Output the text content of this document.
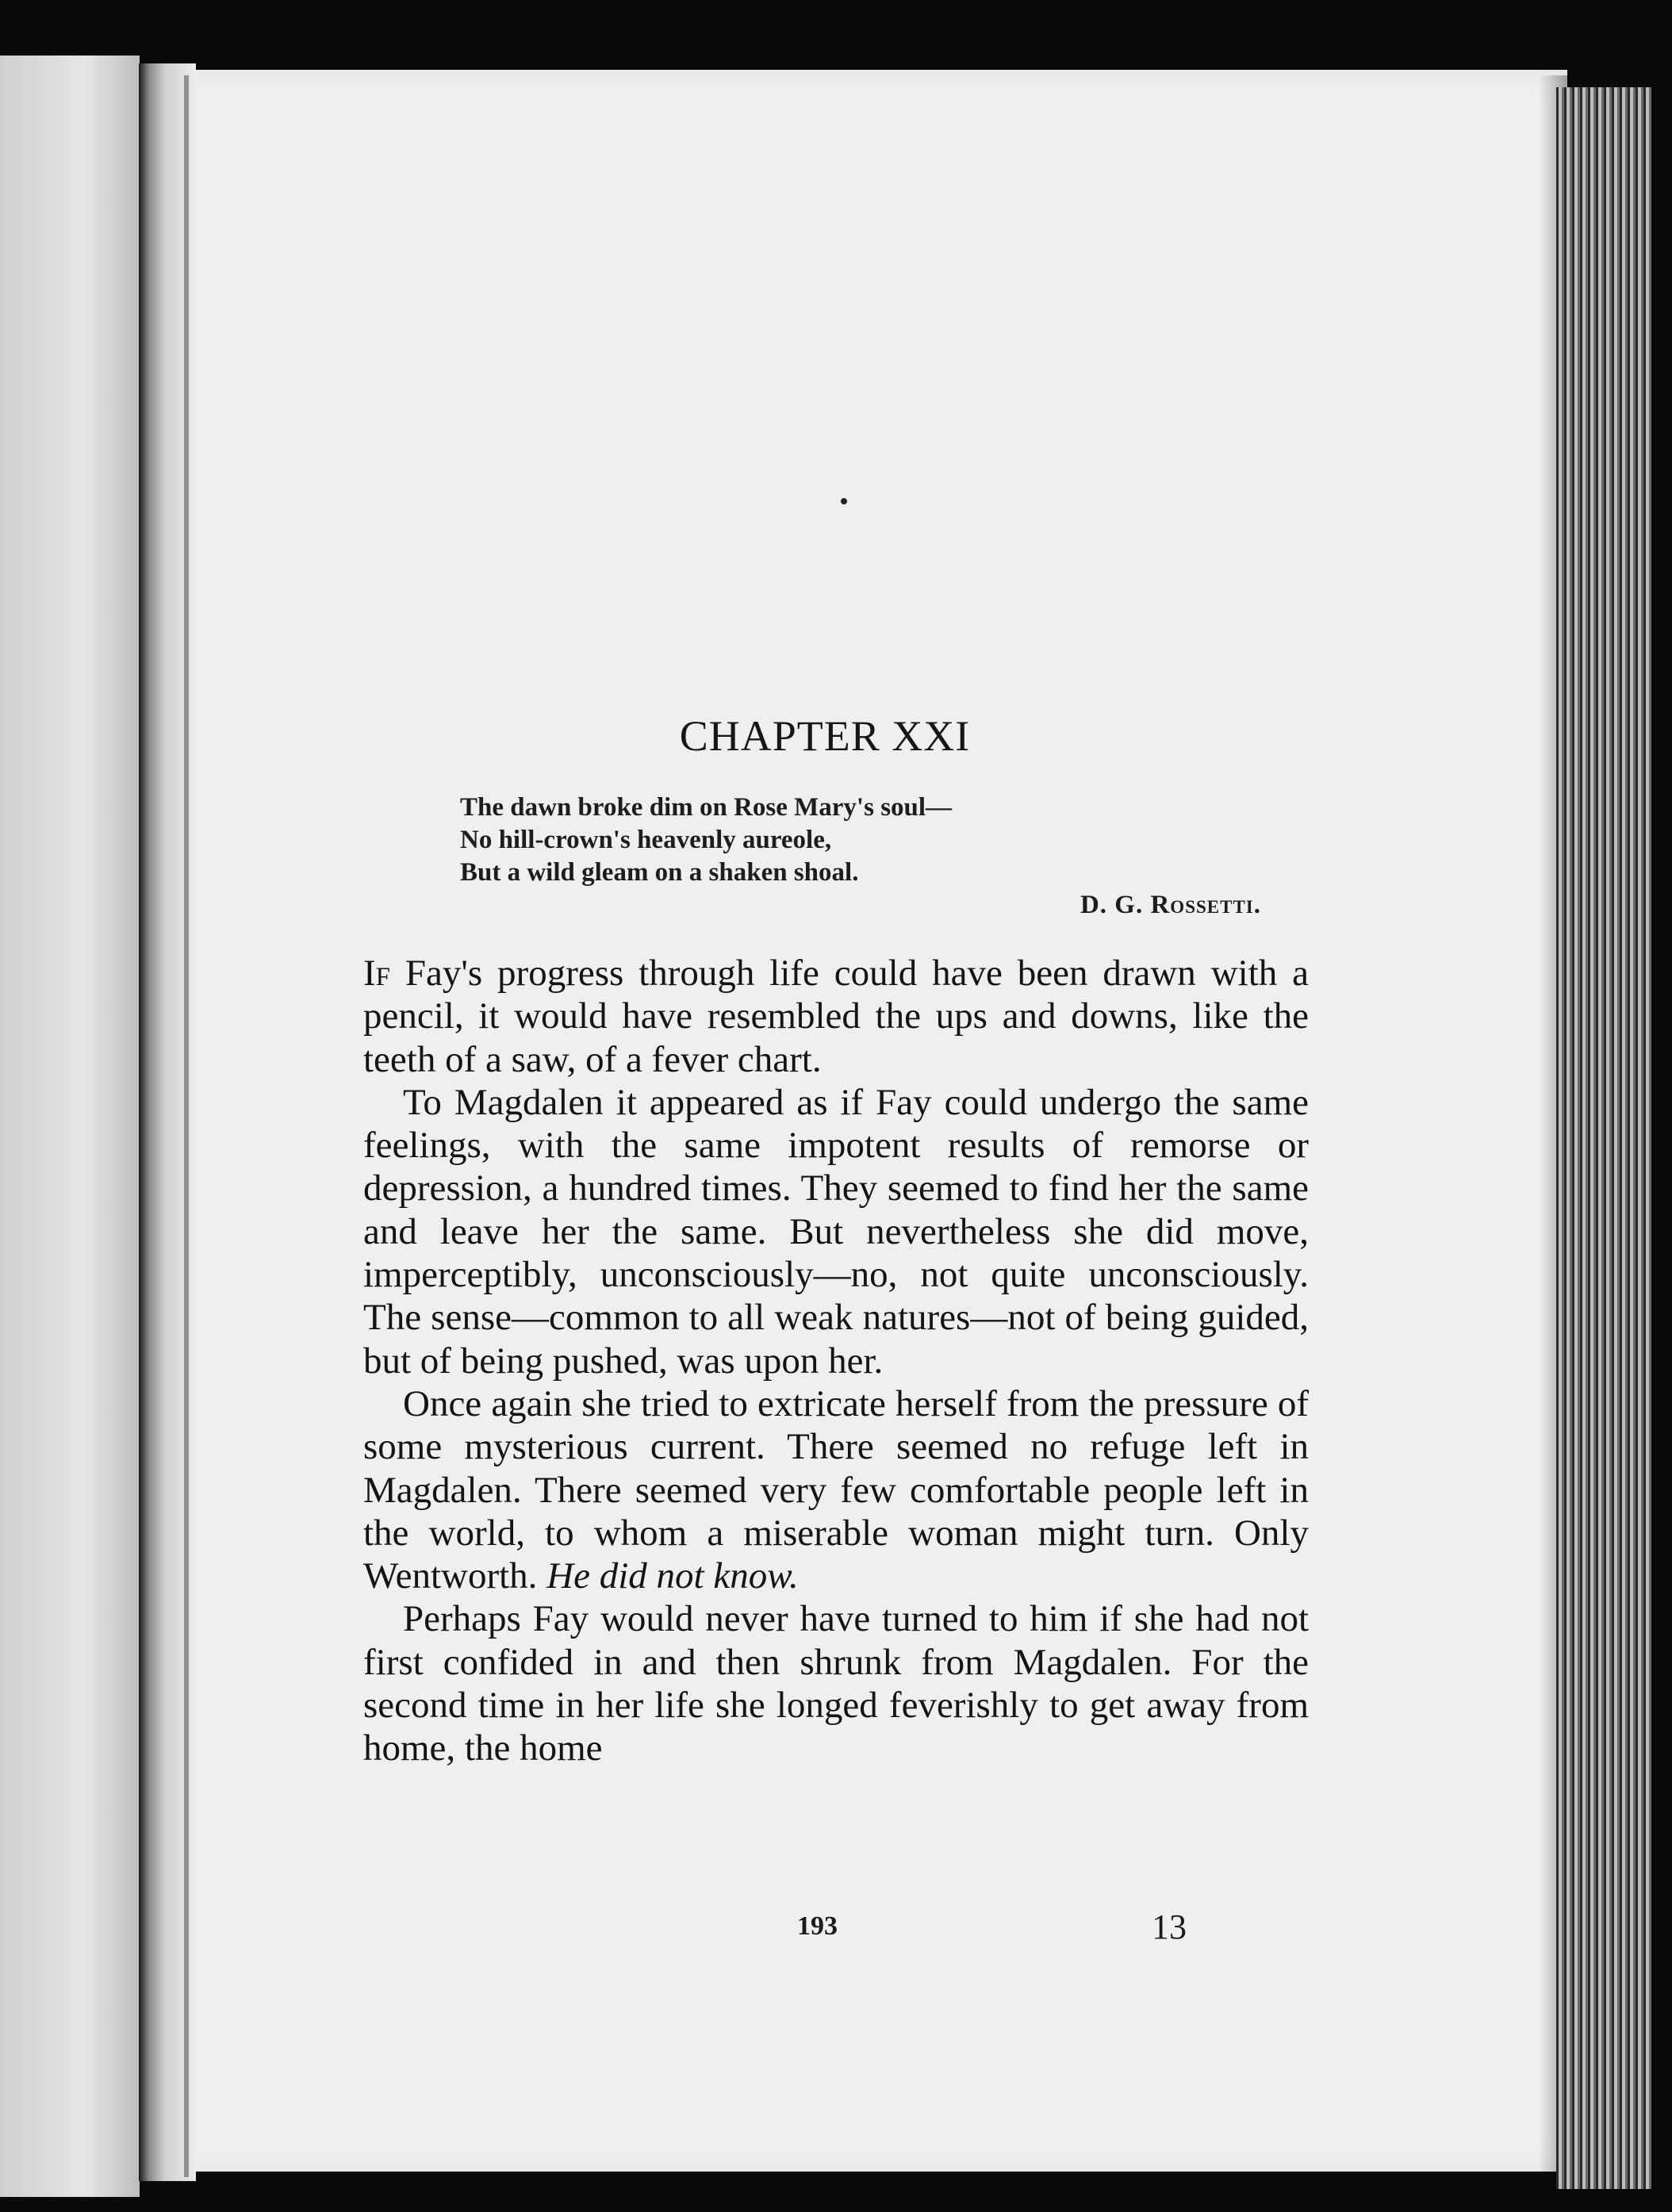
CHAPTER XXI
The dawn broke dim on Rose Mary's soul—
No hill-crown's heavenly aureole,
But a wild gleam on a shaken shoal.
D. G. Rossetti.

If Fay's progress through life could have been drawn with a pencil, it would have resembled the ups and downs, like the teeth of a saw, of a fever chart.

To Magdalen it appeared as if Fay could undergo the same feelings, with the same impotent results of remorse or depression, a hundred times. They seemed to find her the same and leave her the same. But nevertheless she did move, imperceptibly, unconsciously—no, not quite unconsciously. The sense—common to all weak natures—not of being guided, but of being pushed, was upon her.

Once again she tried to extricate herself from the pressure of some mysterious current. There seemed no refuge left in Magdalen. There seemed very few comfortable people left in the world, to whom a miserable woman might turn. Only Wentworth. He did not know.

Perhaps Fay would never have turned to him if she had not first confided in and then shrunk from Magdalen. For the second time in her life she longed feverishly to get away from home, the home

193	13
